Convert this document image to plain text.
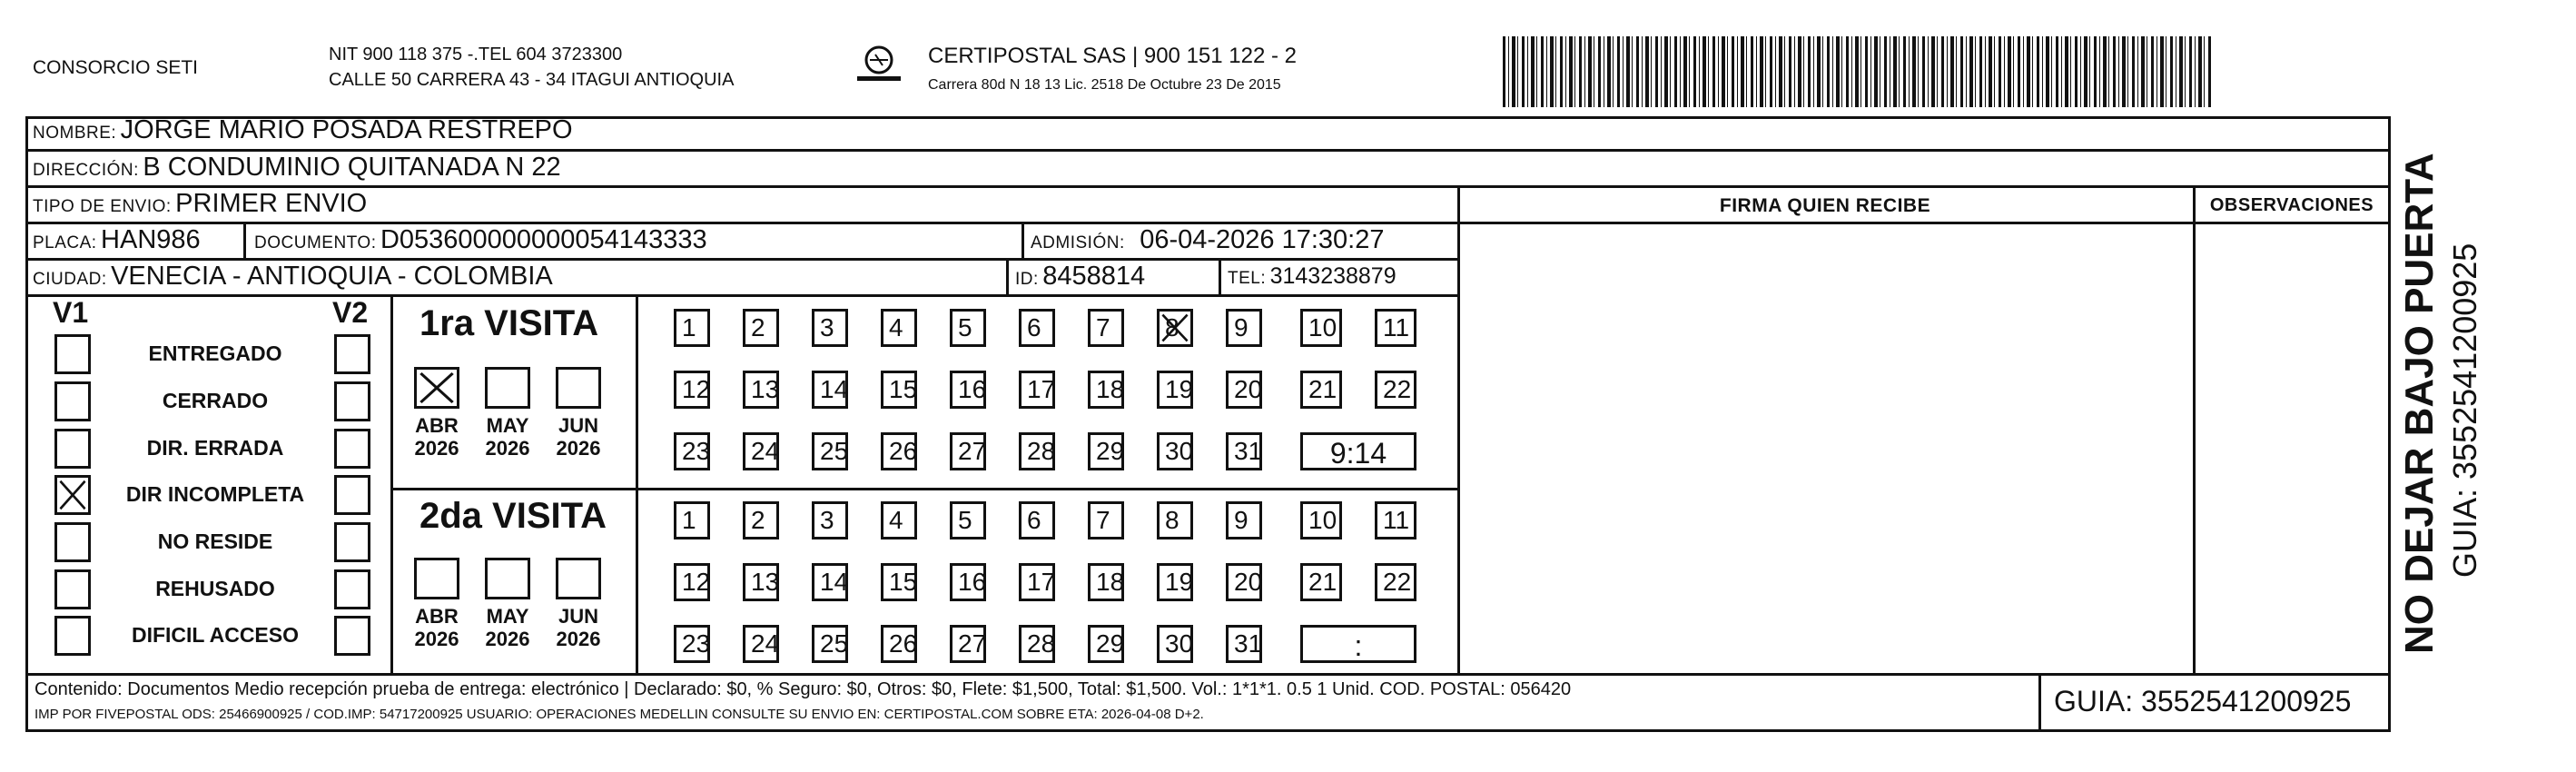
CONSORCIO SETI
NIT 900 118 375 -.TEL 604 3723300
CALLE 50 CARRERA 43 - 34 ITAGUI ANTIOQUIA
CERTIPOSTAL SAS | 900 151 122 - 2
Carrera 80d N 18 13 Lic. 2518 De Octubre 23 De 2015
NOMBRE: JORGE MARIO POSADA RESTREPO
DIRECCIÓN: B CONDUMINIO QUITANADA N 22
TIPO DE ENVIO: PRIMER ENVIO	FIRMA QUIEN RECIBE	OBSERVACIONES
PLACA: HAN986	DOCUMENTO: D053600000000054143333	ADMISIÓN: 06-04-2026 17:30:27
CIUDAD: VENECIA - ANTIOQUIA - COLOMBIA	ID: 8458814	TEL: 3143238879
V1	V2
ENTREGADO
CERRADO
DIR. ERRADA
DIR INCOMPLETA
NO RESIDE
REHUSADO
DIFICIL ACCESO
1ra VISITA
ABR
2026
MAY
2026
JUN
2026
1 2 3 4 5 6 7 8 9 10 11
12 13 14 15 16 17 18 19 20 21 22
23 24 25 26 27 28 29 30 31 9:14
2da VISITA
ABR
2026
MAY
2026
JUN
2026
1 2 3 4 5 6 7 8 9 10 11
12 13 14 15 16 17 18 19 20 21 22
23 24 25 26 27 28 29 30 31	:
Contenido: Documentos Medio recepción prueba de entrega: electrónico | Declarado: $0, % Seguro: $0, Otros: $0, Flete: $1,500, Total: $1,500. Vol.: 1*1*1. 0.5 1 Unid. COD. POSTAL: 056420
IMP POR FIVEPOSTAL ODS: 25466900925 / COD.IMP: 54717200925 USUARIO: OPERACIONES MEDELLIN CONSULTE SU ENVIO EN: CERTIPOSTAL.COM SOBRE ETA: 2026-04-08 D+2.	GUIA: 3552541200925
NO DEJAR BAJO PUERTA GUIA: 3552541200925
